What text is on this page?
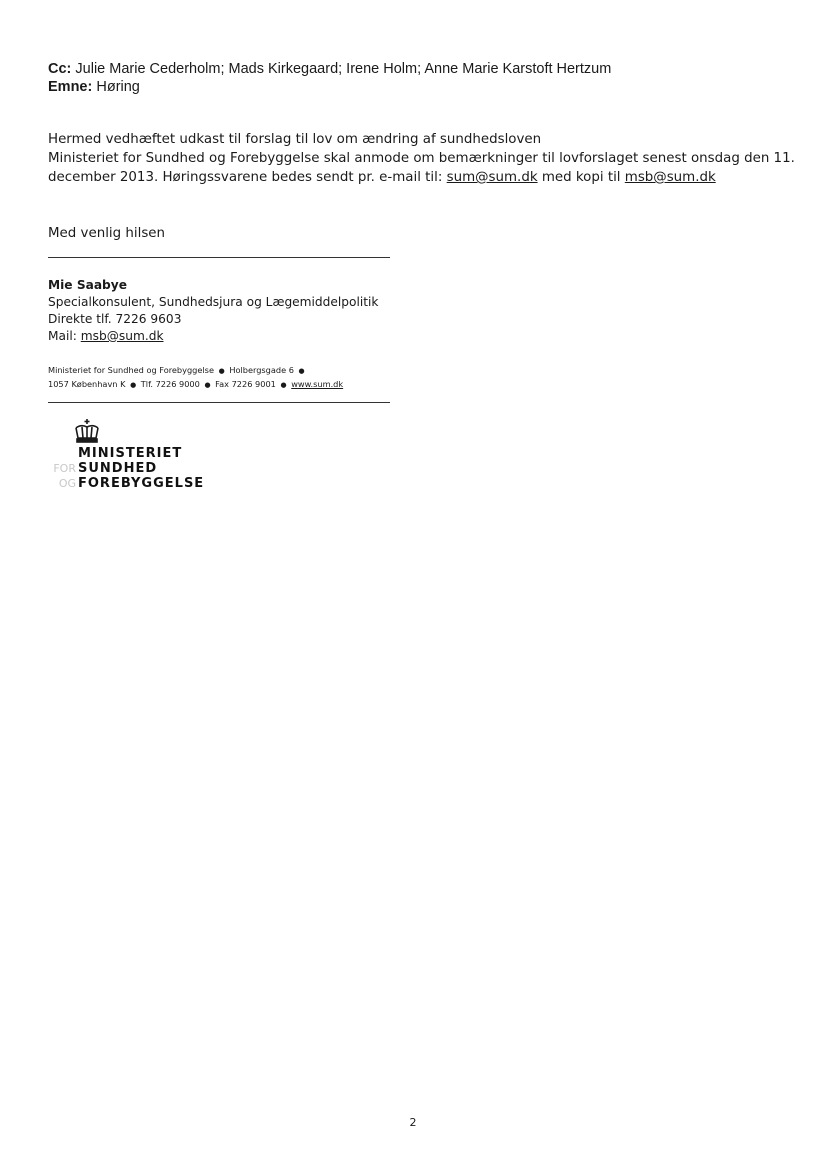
Cc: Julie Marie Cederholm; Mads Kirkegaard; Irene Holm; Anne Marie Karstoft Hertzum
Emne: Høring

Hermed vedhæftet udkast til forslag til lov om ændring af sundhedsloven

Ministeriet for Sundhed og Forebyggelse skal anmode om bemærkninger til lovforslaget senest onsdag den 11.

december 2013. Høringssvarene bedes sendt pr. e-mail til: sum@sum.dk med kopi til msb@sum.dk

Med venlig hilsen
Mie Saabye
Specialkonsulent, Sundhedsjura og Lægemiddelpolitik
Direkte tlf. 7226 9603
Mail: msb@sum.dk
Ministeriet for Sundhed og Forebyggelse ● Holbergsgade 6 ●
1057 København K ● Tlf. 7226 9000 ● Fax 7226 9001 ● www.sum.dk
MINISTERIET
FOR SUNDHED
OG FOREBYGGELSE
2
